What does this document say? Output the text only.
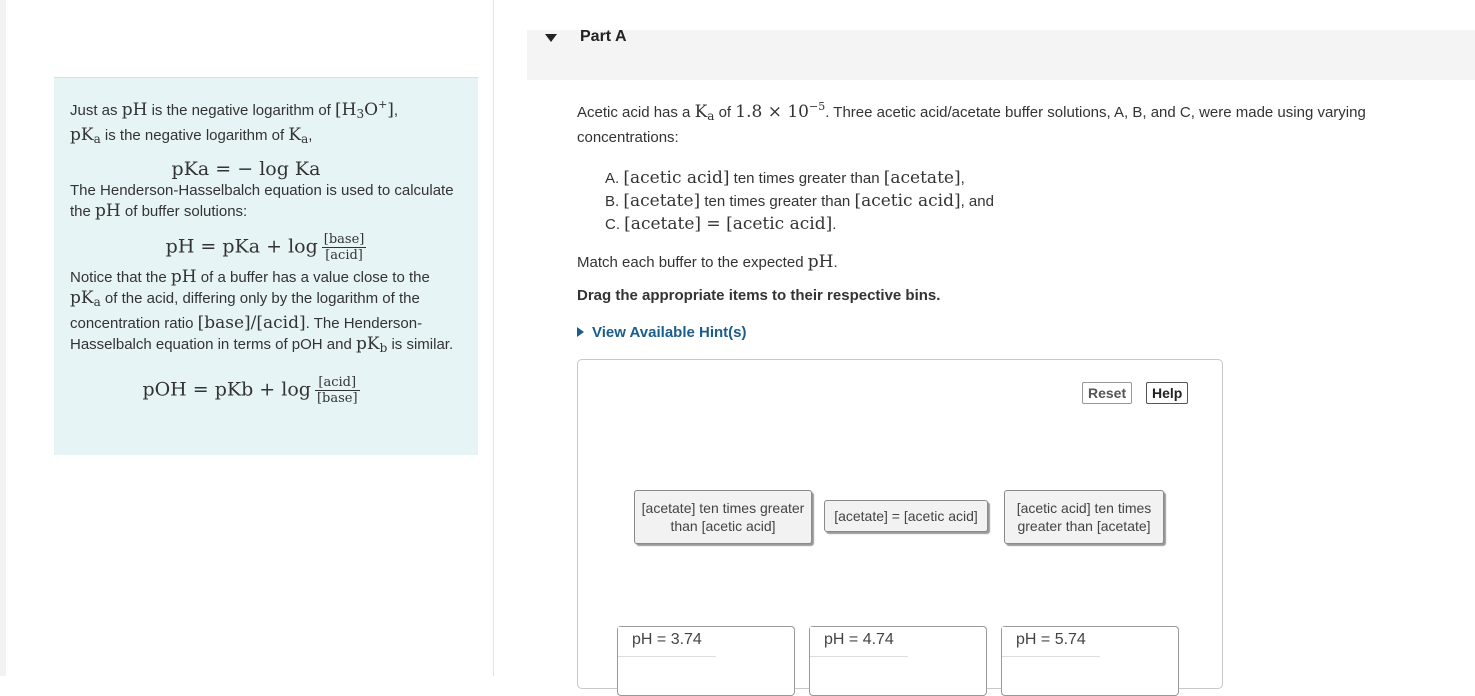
Just as pH is the negative logarithm of $[H_3O^+]$,
$pK_a$ is the negative logarithm of $K_a$,

pKa = − log Ka

The Henderson-Hasselbalch equation is used to calculate the pH of buffer solutions:

pH = pKa + $\log \frac{\text{[base]}}{\text{[acid]}}$

Notice that the pH of a buffer has a value close to the $pK_a$ of the acid, differing only by the logarithm of the concentration ratio [base]/[acid]. The Henderson-Hasselbalch equation in terms of pOH and $pK_b$ is similar.

pOH = pKb + $\log \frac{\text{[acid]}}{\text{[base]}}$
Part A
Acetic acid has a $K_a$ of $1.8 \times 10^{-5}$. Three acetic acid/acetate buffer solutions, A, B, and C, were made using varying concentrations:
A. [acetic acid] ten times greater than [acetate],
B. [acetate] ten times greater than [acetic acid], and
C. [acetate] = [acetic acid].
Match each buffer to the expected pH.
Drag the appropriate items to their respective bins.
View Available Hint(s)
Reset	Help
[acetate] ten times greater than [acetic acid]
[acetate] = [acetic acid]	[acetic acid] ten times greater than [acetate]
pH = 3.74	pH = 4.74	pH = 5.74
